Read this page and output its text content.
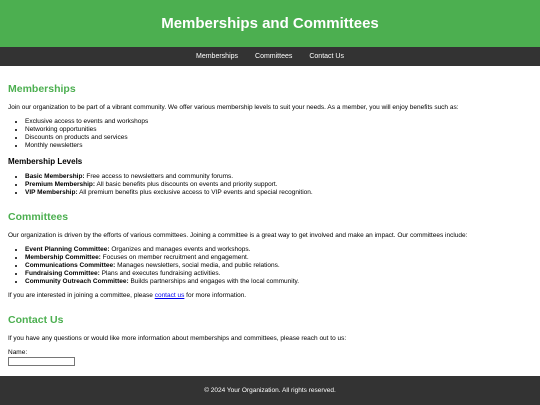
Memberships and Committees
Memberships Committees Contact Us
Memberships

Join our organization to be part of a vibrant community. We offer various membership levels to suit your needs. As a member, you will enjoy benefits such as:

• Exclusive access to events and workshops
• Networking opportunities
• Discounts on products and services
• Monthly newsletters
Membership Levels
• Basic Membership: Free access to newsletters and community forums.
• Premium Membership: All basic benefits plus discounts on events and priority support.
• VIP Membership: All premium benefits plus exclusive access to VIP events and special recognition.
Committees

Our organization is driven by the efforts of various committees. Joining a committee is a great way to get involved and make an impact. Our committees include:

• Event Planning Committee: Organizes and manages events and workshops.
• Membership Committee: Focuses on member recruitment and engagement.
• Communications Committee: Manages newsletters, social media, and public relations.
• Fundraising Committee: Plans and executes fundraising activities.
• Community Outreach Committee: Builds partnerships and engages with the local community.

If you are interested in joining a committee, please contact us for more information.

Contact Us

If you have any questions or would like more information about memberships and committees, please reach out to us:

Name:

© 2024 Your Organization. All rights reserved.
